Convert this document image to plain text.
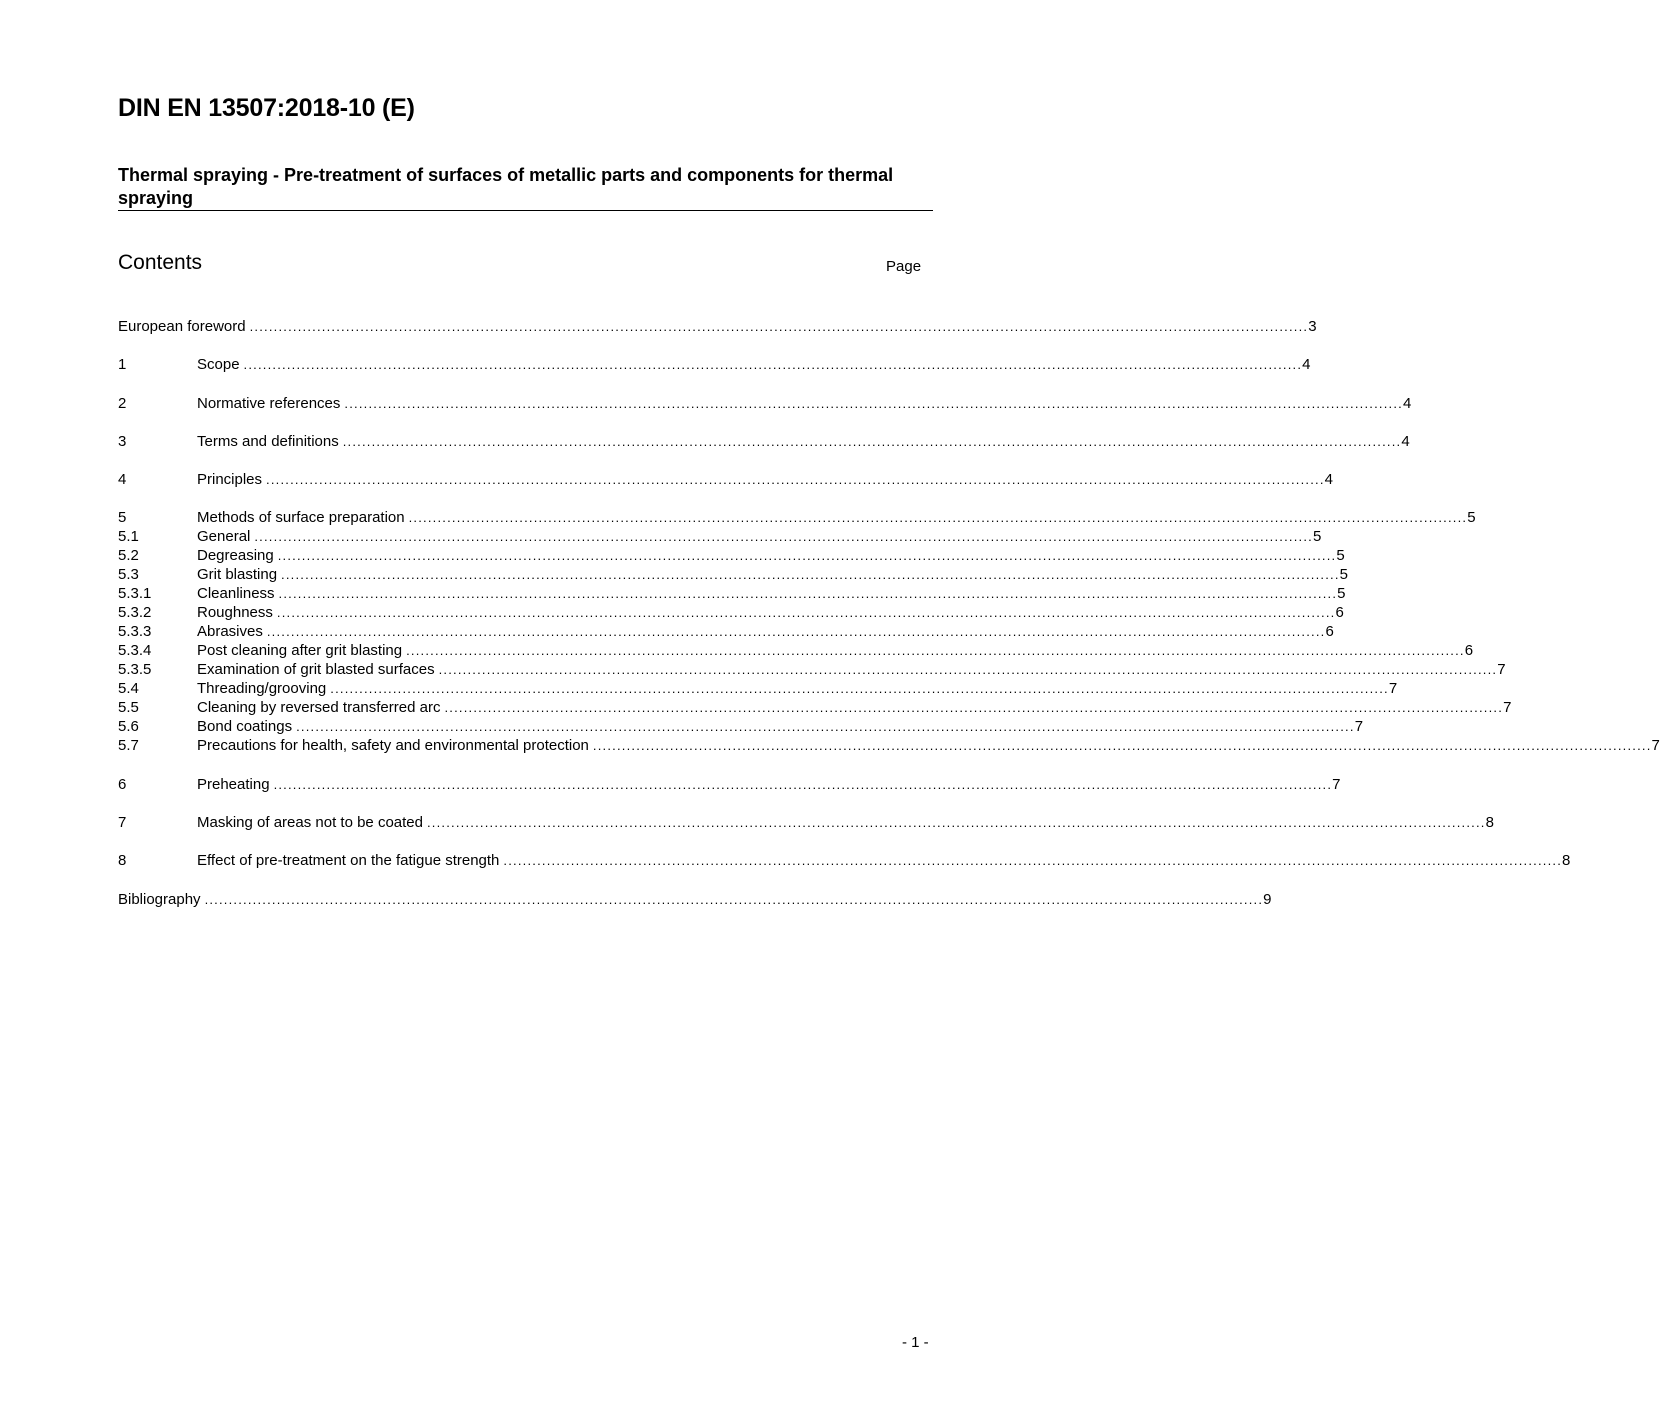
DIN EN 13507:2018-10 (E)
Thermal spraying - Pre-treatment of surfaces of metallic parts and components for thermal spraying
Contents	Page
European foreword ............................................................................................................................................................................................................................ 3
1	Scope ............................................................................................................................................................................................................................ 4
2	Normative references ............................................................................................................................................................................................................................ 4
3	Terms and definitions ............................................................................................................................................................................................................................ 4
4	Principles ............................................................................................................................................................................................................................ 4
5	Methods of surface preparation ............................................................................................................................................................................................................................ 5
5.1	General ............................................................................................................................................................................................................................ 5
5.2	Degreasing ............................................................................................................................................................................................................................ 5
5.3	Grit blasting ............................................................................................................................................................................................................................ 5
5.3.1	Cleanliness ............................................................................................................................................................................................................................ 5
5.3.2	Roughness ............................................................................................................................................................................................................................ 6
5.3.3	Abrasives ............................................................................................................................................................................................................................ 6
5.3.4	Post cleaning after grit blasting ............................................................................................................................................................................................................................ 6
5.3.5	Examination of grit blasted surfaces ............................................................................................................................................................................................................................ 7
5.4	Threading/grooving ............................................................................................................................................................................................................................ 7
5.5	Cleaning by reversed transferred arc ............................................................................................................................................................................................................................ 7
5.6	Bond coatings ............................................................................................................................................................................................................................ 7
5.7	Precautions for health, safety and environmental protection ............................................................................................................................................................................................................................ 7
6	Preheating ............................................................................................................................................................................................................................ 7
7	Masking of areas not to be coated ............................................................................................................................................................................................................................ 8
8	Effect of pre-treatment on the fatigue strength ............................................................................................................................................................................................................................ 8
Bibliography ............................................................................................................................................................................................................................ 9
- 1 -
